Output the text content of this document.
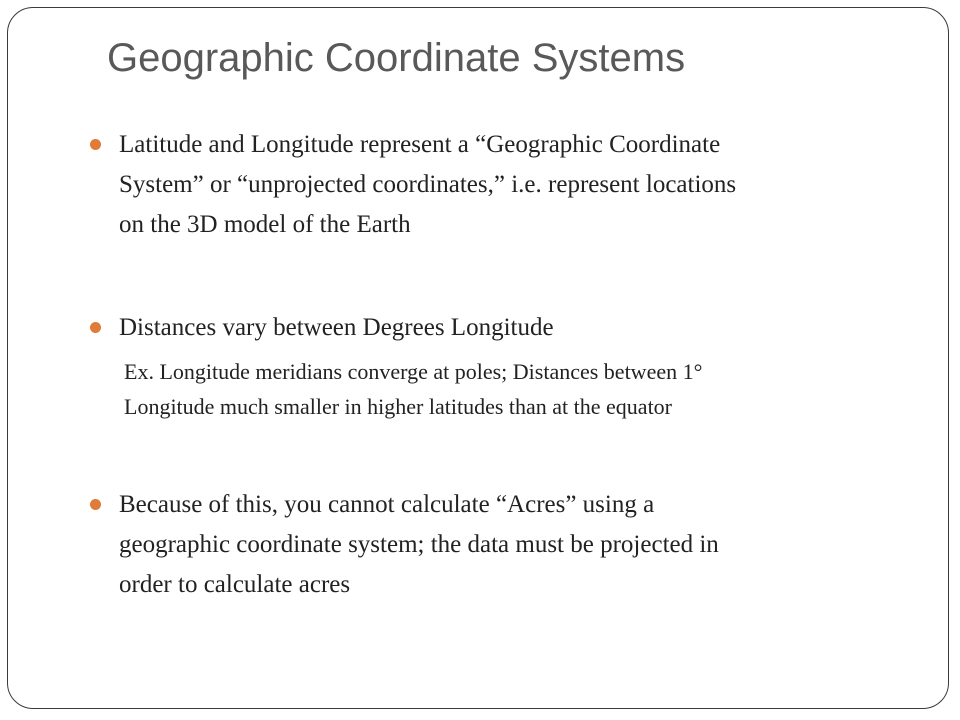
Geographic Coordinate Systems
Latitude and Longitude represent a “Geographic Coordinate
System” or “unprojected coordinates,” i.e. represent locations
on the 3D model of the Earth
Distances vary between Degrees Longitude
Ex. Longitude meridians converge at poles; Distances between 1°
Longitude much smaller in higher latitudes than at the equator
Because of this, you cannot calculate “Acres” using a
geographic coordinate system; the data must be projected in
order to calculate acres
